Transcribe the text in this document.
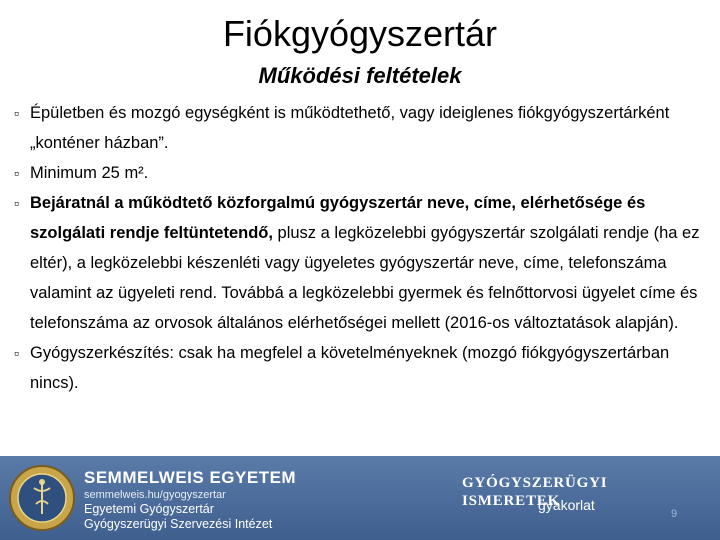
Fiókgyógyszertár
Működési feltételek

▫ Épületben és mozgó egységként is működtethető, vagy ideiglenes fiókgyógyszertárként „konténer házban”.

▫ Minimum 25 m².

▫ Bejáratnál a működtető közforgalmú gyógyszertár neve, címe, elérhetősége és szolgálati rendje feltüntetendő, plusz a legközelebbi gyógyszertár szolgálati rendje (ha ez eltér), a legközelebbi készenléti vagy ügyeletes gyógyszertár neve, címe, telefonszáma valamint az ügyeleti rend. Továbbá a legközelebbi gyermek és felnőttorvosi ügyelet címe és telefonszáma az orvosok általános elérhetőségei mellett (2016-os változtatások alapján).

▫ Gyógyszerkészítés: csak ha megfelel a követelményeknek (mozgó fiókgyógyszertárban nincs).

SEMMELWEIS EGYETEM
semmelweis.hu/gyogyszertar
Egyetemi Gyógyszertár
Gyógyszerügyi Szervezési Intézet
GYÓGYSZERÜGYI ISMERETEK
gyakorlat
9
